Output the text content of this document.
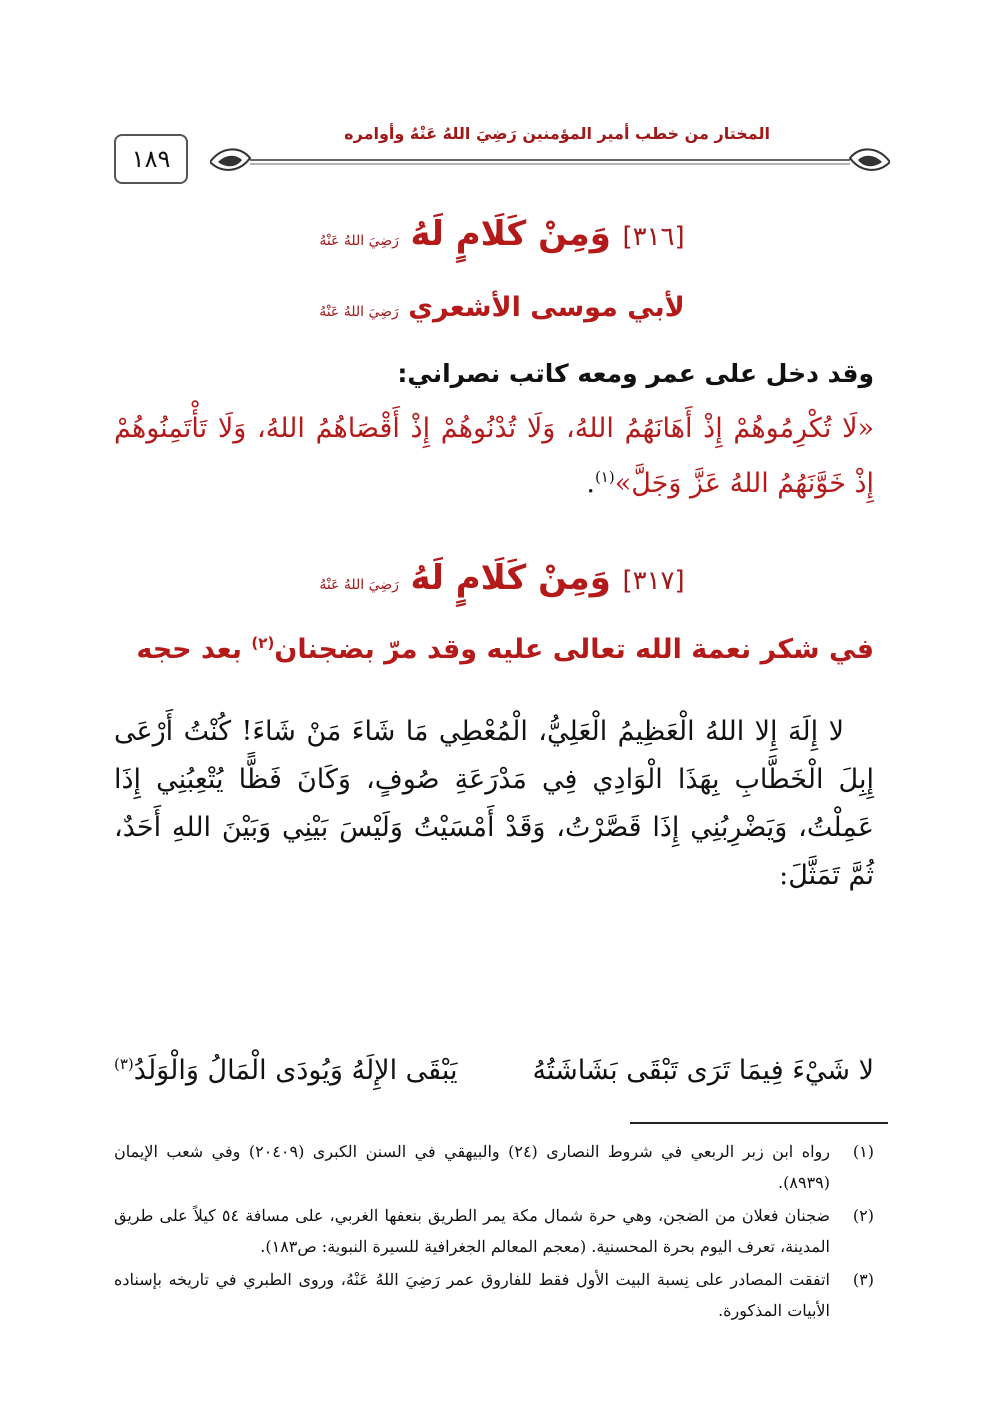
١٨٩
المختار من خطب أمير المؤمنين رَضِيَ اللهُ عَنْهُ وأوامره
[٣١٦] وَمِنْ كَلَامٍ لَهُ رَضِيَ اللهُ عَنْهُ
لأبي موسى الأشعري رَضِيَ اللهُ عَنْهُ
وقد دخل على عمر ومعه كاتب نصراني:
«لَا تُكْرِمُوهُمْ إِذْ أَهَانَهُمُ اللهُ، وَلَا تُدْنُوهُمْ إِذْ أَقْصَاهُمُ اللهُ، وَلَا تَأْتَمِنُوهُمْ إِذْ خَوَّنَهُمُ اللهُ عَزَّ وَجَلَّ»$^{(١)}$.
[٣١٧] وَمِنْ كَلَامٍ لَهُ رَضِيَ اللهُ عَنْهُ
في شكر نعمة الله تعالى عليه وقد مرّ بضجنان$^{(٢)}$ بعد حجه
لا إِلَهَ إِلا اللهُ الْعَظِيمُ الْعَلِيُّ، الْمُعْطِي مَا شَاءَ مَنْ شَاءَ! كُنْتُ أَرْعَى إِبِلَ الْخَطَّابِ بِهَذَا الْوَادِي فِي مَدْرَعَةِ صُوفٍ، وَكَانَ فَظًّا يُتْعِبُنِي إِذَا عَمِلْتُ، وَيَضْرِبُنِي إِذَا قَصَّرْتُ، وَقَدْ أَمْسَيْتُ وَلَيْسَ بَيْنِي وَبَيْنَ اللهِ أَحَدٌ، ثُمَّ تَمَثَّلَ:
لا شَيْءَ فِيمَا تَرَى تَبْقَى بَشَاشَتُهُ
يَبْقَى الإِلَهُ وَيُودَى الْمَالُ وَالْوَلَدُ$^{(٣)}$
(١)
رواه ابن زبر الربعي في شروط النصارى (٢٤) والبيهقي في السنن الكبرى (٢٠٤٠٩) وفي شعب الإيمان (٨٩٣٩).
(٢)
ضجنان فعلان من الضجن، وهي حرة شمال مكة يمر الطريق بنعفها الغربي، على مسافة ٥٤ كيلاً على طريق المدينة، تعرف اليوم بحرة المحسنية. (معجم المعالم الجغرافية للسيرة النبوية: ص١٨٣).
(٣)
اتفقت المصادر على نِسبة البيت الأول فقط للفاروق عمر رَضِيَ اللهُ عَنْهُ، وروى الطبري في تاريخه بإسناده الأبيات المذكورة.
